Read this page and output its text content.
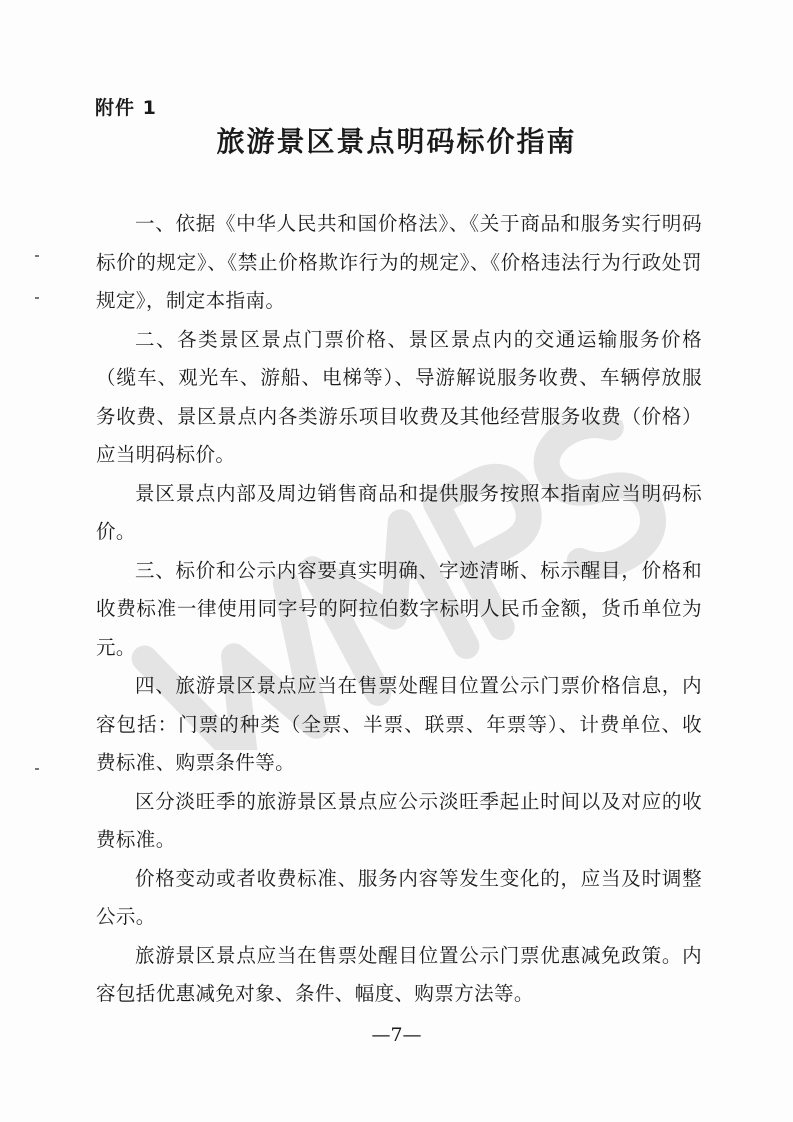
附件 1
旅游景区景点明码标价指南

一、依据《中华人民共和国价格法》、《关于商品和服务实行明码标价的规定》、《禁止价格欺诈行为的规定》、《价格违法行为行政处罚规定》，制定本指南。

二、各类景区景点门票价格、景区景点内的交通运输服务价格（缆车、观光车、游船、电梯等）、导游解说服务收费、车辆停放服务收费、景区景点内各类游乐项目收费及其他经营服务收费（价格）应当明码标价。

景区景点内部及周边销售商品和提供服务按照本指南应当明码标价。

三、标价和公示内容要真实明确、字迹清晰、标示醒目，价格和收费标准一律使用同字号的阿拉伯数字标明人民币金额，货币单位为元。

四、旅游景区景点应当在售票处醒目位置公示门票价格信息，内容包括：门票的种类（全票、半票、联票、年票等）、计费单位、收费标准、购票条件等。

区分淡旺季的旅游景区景点应公示淡旺季起止时间以及对应的收费标准。

价格变动或者收费标准、服务内容等发生变化的，应当及时调整公示。

旅游景区景点应当在售票处醒目位置公示门票优惠减免政策。内容包括优惠减免对象、条件、幅度、购票方法等。

—7—
